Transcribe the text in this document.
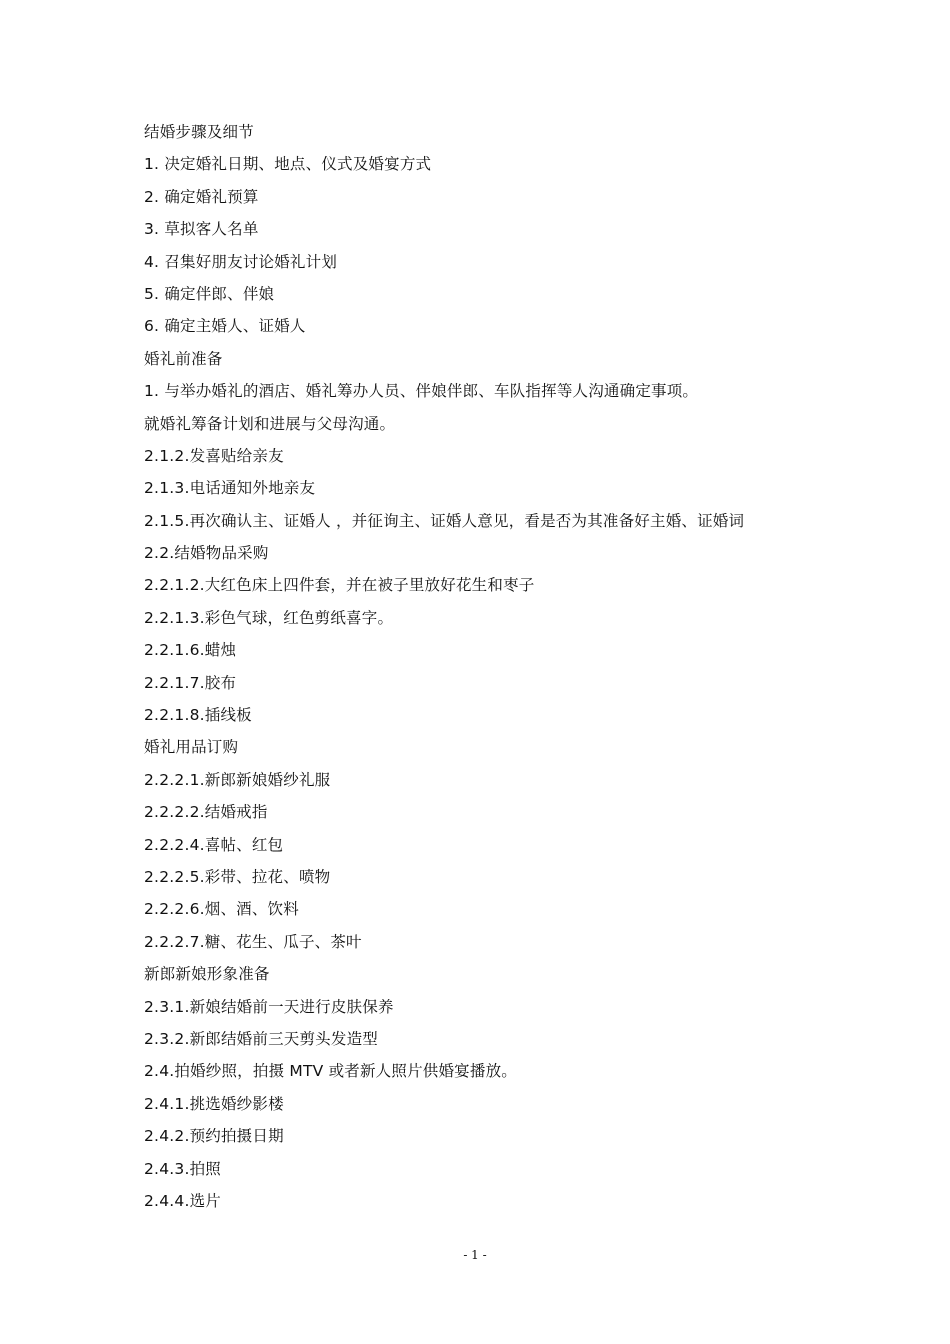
结婚步骤及细节
1. 决定婚礼日期、地点、仪式及婚宴方式
2. 确定婚礼预算
3. 草拟客人名单
4. 召集好朋友讨论婚礼计划
5. 确定伴郎、伴娘
6. 确定主婚人、证婚人
婚礼前准备
1. 与举办婚礼的酒店、婚礼筹办人员、伴娘伴郎、车队指挥等人沟通确定事项。
就婚礼筹备计划和进展与父母沟通。
2.1.2.发喜贴给亲友
2.1.3.电话通知外地亲友
2.1.5.再次确认主、证婚人 ，并征询主、证婚人意见，看是否为其准备好主婚、证婚词
2.2.结婚物品采购
2.2.1.2.大红色床上四件套，并在被子里放好花生和枣子
2.2.1.3.彩色气球，红色剪纸喜字。
2.2.1.6.蜡烛
2.2.1.7.胶布
2.2.1.8.插线板
婚礼用品订购
2.2.2.1.新郎新娘婚纱礼服
2.2.2.2.结婚戒指
2.2.2.4.喜帖、红包
2.2.2.5.彩带、拉花、喷物
2.2.2.6.烟、酒、饮料
2.2.2.7.糖、花生、瓜子、茶叶
新郎新娘形象准备
2.3.1.新娘结婚前一天进行皮肤保养
2.3.2.新郎结婚前三天剪头发造型
2.4.拍婚纱照，拍摄 MTV 或者新人照片供婚宴播放。
2.4.1.挑选婚纱影楼
2.4.2.预约拍摄日期
2.4.3.拍照
2.4.4.选片
- 1 -
